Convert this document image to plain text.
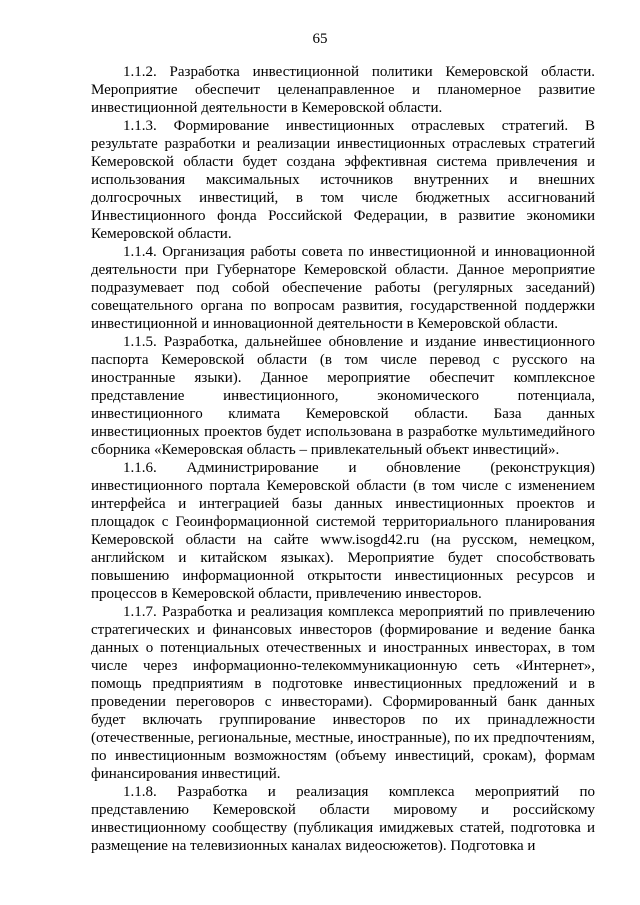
65

1.1.2. Разработка инвестиционной политики Кемеровской области. Мероприятие обеспечит целенаправленное и планомерное развитие инвестиционной деятельности в Кемеровской области.

1.1.3. Формирование инвестиционных отраслевых стратегий. В результате разработки и реализации инвестиционных отраслевых стратегий Кемеровской области будет создана эффективная система привлечения и использования максимальных источников внутренних и внешних долгосрочных инвестиций, в том числе бюджетных ассигнований Инвестиционного фонда Российской Федерации, в развитие экономики Кемеровской области.

1.1.4. Организация работы совета по инвестиционной и инновационной деятельности при Губернаторе Кемеровской области. Данное мероприятие подразумевает под собой обеспечение работы (регулярных заседаний) совещательного органа по вопросам развития, государственной поддержки инвестиционной и инновационной деятельности в Кемеровской области.

1.1.5. Разработка, дальнейшее обновление и издание инвестиционного паспорта Кемеровской области (в том числе перевод с русского на иностранные языки). Данное мероприятие обеспечит комплексное представление инвестиционного, экономического потенциала, инвестиционного климата Кемеровской области. База данных инвестиционных проектов будет использована в разработке мультимедийного сборника «Кемеровская область – привлекательный объект инвестиций».

1.1.6. Администрирование и обновление (реконструкция) инвестиционного портала Кемеровской области (в том числе с изменением интерфейса и интеграцией базы данных инвестиционных проектов и площадок с Геоинформационной системой территориального планирования Кемеровской области на сайте www.isogd42.ru (на русском, немецком, английском и китайском языках). Мероприятие будет способствовать повышению информационной открытости инвестиционных ресурсов и процессов в Кемеровской области, привлечению инвесторов.

1.1.7. Разработка и реализация комплекса мероприятий по привлечению стратегических и финансовых инвесторов (формирование и ведение банка данных о потенциальных отечественных и иностранных инвесторах, в том числе через информационно-телекоммуникационную сеть «Интернет», помощь предприятиям в подготовке инвестиционных предложений и в проведении переговоров с инвесторами). Сформированный банк данных будет включать группирование инвесторов по их принадлежности (отечественные, региональные, местные, иностранные), по их предпочтениям, по инвестиционным возможностям (объему инвестиций, срокам), формам финансирования инвестиций.

1.1.8. Разработка и реализация комплекса мероприятий по представлению Кемеровской области мировому и российскому инвестиционному сообществу (публикация имиджевых статей, подготовка и размещение на телевизионных каналах видеосюжетов). Подготовка и
